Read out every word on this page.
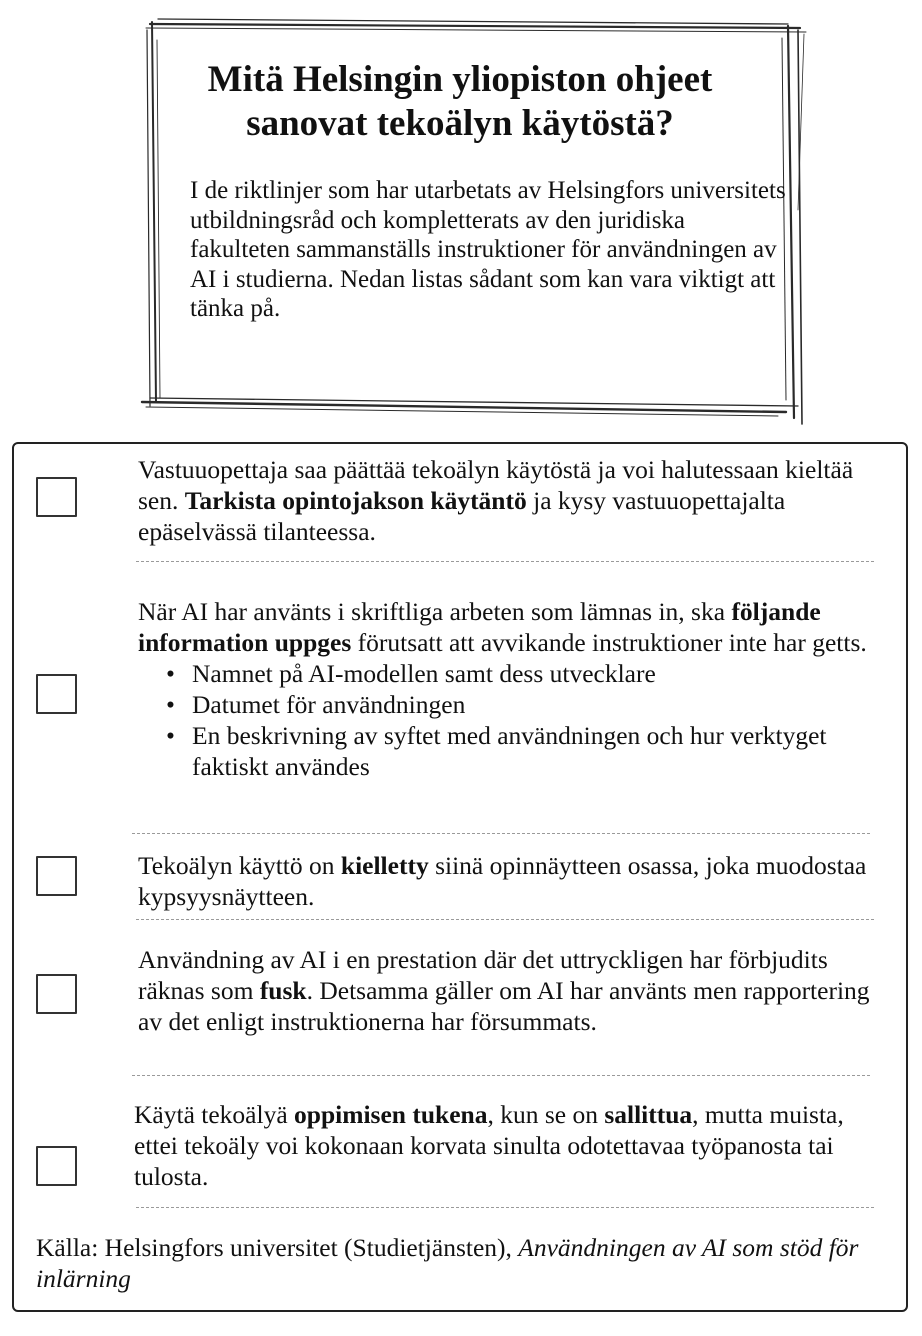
Mitä Helsingin yliopiston ohjeet
sanovat tekoälyn käytöstä?

I de riktlinjer som har utarbetats av Helsingfors universitets utbildningsråd och kompletterats av den juridiska fakulteten sammanställs instruktioner för användningen av AI i studierna. Nedan listas sådant som kan vara viktigt att tänka på.

Vastuuopettaja saa päättää tekoälyn käytöstä ja voi halutessaan kieltää sen. Tarkista opintojakson käytäntö ja kysy vastuuopettajalta epäselvässä tilanteessa.

När AI har använts i skriftliga arbeten som lämnas in, ska följande information uppges förutsatt att avvikande instruktioner inte har getts.
• Namnet på AI-modellen samt dess utvecklare
• Datumet för användningen
• En beskrivning av syftet med användningen och hur verktyget faktiskt användes

Tekoälyn käyttö on kielletty siinä opinnäytteen osassa, joka muodostaa kypsyysnäytteen.

Användning av AI i en prestation där det uttryckligen har förbjudits räknas som fusk. Detsamma gäller om AI har använts men rapportering av det enligt instruktionerna har försummats.

Käytä tekoälyä oppimisen tukena, kun se on sallittua, mutta muista, ettei tekoäly voi kokonaan korvata sinulta odotettavaa työpanosta tai tulosta.

Källa: Helsingfors universitet (Studietjänsten), Användningen av AI som stöd för inlärning
